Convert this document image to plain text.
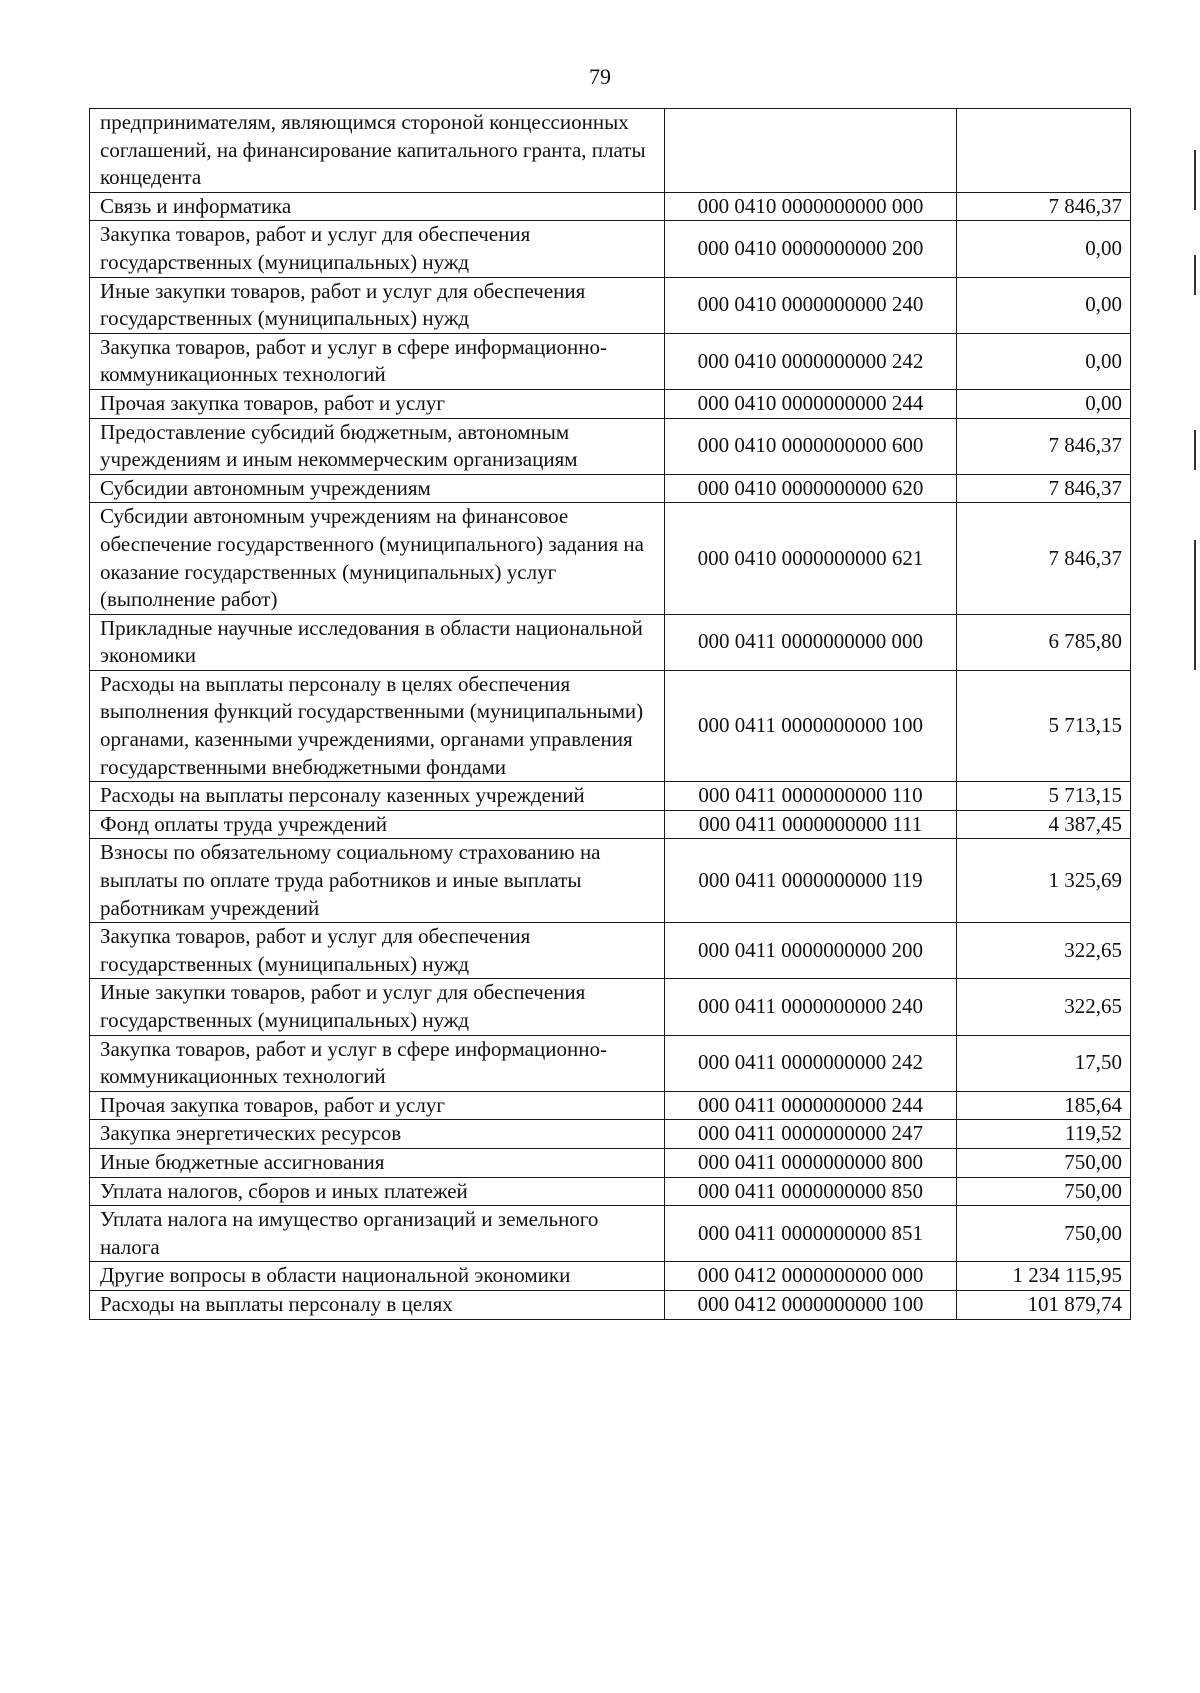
79
предпринимателям, являющимся стороной концессионных соглашений, на финансирование капитального гранта, платы концедента		
Связь и информатика	000 0410 0000000000 000	7 846,37
Закупка товаров, работ и услуг для обеспечения государственных (муниципальных) нужд	000 0410 0000000000 200	0,00
Иные закупки товаров, работ и услуг для обеспечения государственных (муниципальных) нужд	000 0410 0000000000 240	0,00
Закупка товаров, работ и услуг в сфере информационно-коммуникационных технологий	000 0410 0000000000 242	0,00
Прочая закупка товаров, работ и услуг	000 0410 0000000000 244	0,00
Предоставление субсидий бюджетным, автономным учреждениям и иным некоммерческим организациям	000 0410 0000000000 600	7 846,37
Субсидии автономным учреждениям	000 0410 0000000000 620	7 846,37
Субсидии автономным учреждениям на финансовое обеспечение государственного (муниципального) задания на оказание государственных (муниципальных) услуг (выполнение работ)	000 0410 0000000000 621	7 846,37
Прикладные научные исследования в области национальной экономики	000 0411 0000000000 000	6 785,80
Расходы на выплаты персоналу в целях обеспечения выполнения функций государственными (муниципальными) органами, казенными учреждениями, органами управления государственными внебюджетными фондами	000 0411 0000000000 100	5 713,15
Расходы на выплаты персоналу казенных учреждений	000 0411 0000000000 110	5 713,15
Фонд оплаты труда учреждений	000 0411 0000000000 111	4 387,45
Взносы по обязательному социальному страхованию на выплаты по оплате труда работников и иные выплаты работникам учреждений	000 0411 0000000000 119	1 325,69
Закупка товаров, работ и услуг для обеспечения государственных (муниципальных) нужд	000 0411 0000000000 200	322,65
Иные закупки товаров, работ и услуг для обеспечения государственных (муниципальных) нужд	000 0411 0000000000 240	322,65
Закупка товаров, работ и услуг в сфере информационно-коммуникационных технологий	000 0411 0000000000 242	17,50
Прочая закупка товаров, работ и услуг	000 0411 0000000000 244	185,64
Закупка энергетических ресурсов	000 0411 0000000000 247	119,52
Иные бюджетные ассигнования	000 0411 0000000000 800	750,00
Уплата налогов, сборов и иных платежей	000 0411 0000000000 850	750,00
Уплата налога на имущество организаций и земельного налога	000 0411 0000000000 851	750,00
Другие вопросы в области национальной экономики	000 0412 0000000000 000	1 234 115,95
Расходы на выплаты персоналу в целях	000 0412 0000000000 100	101 879,74
